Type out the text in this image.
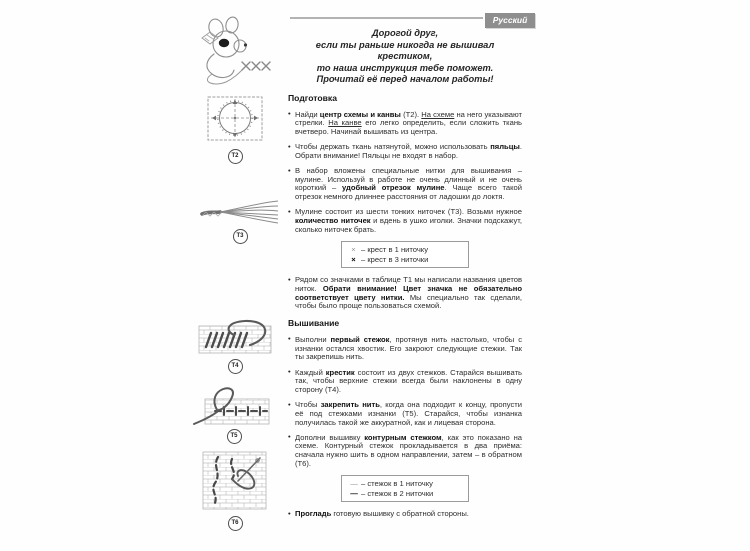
Русский
Т2
Т3
Т4
Т5
Т6
Дорогой друг,
если ты раньше никогда не вышивал крестиком,
то наша инструкция тебе поможет.
Прочитай её перед началом работы!
Подготовка
• Найди центр схемы и канвы (Т2). На схеме на него указывают стрелки. На канве его легко определить, если сложить ткань вчетверо. Начинай вышивать из центра.
• Чтобы держать ткань натянутой, можно использовать пяльцы. Обрати внимание! Пяльцы не входят в набор.
• В набор вложены специальные нитки для вышивания – мулине. Используй в работе не очень длинный и не очень короткий – удобный отрезок мулине. Чаще всего такой отрезок немного длиннее расстояния от ладошки до локтя.
• Мулине состоит из шести тонких ниточек (Т3). Возьми нужное количество ниточек и вдень в ушко иголки. Значки подскажут, сколько ниточек брать.
× – крест в 1 ниточку
× – крест в 3 ниточки
• Рядом со значками в таблице Т1 мы написали названия цветов ниток. Обрати внимание! Цвет значка не обязательно соответствует цвету нитки. Мы специально так сделали, чтобы было проще пользоваться схемой.
Вышивание
• Выполни первый стежок, протянув нить настолько, чтобы с изнанки остался хвостик. Его закроют следующие стежки. Так ты закрепишь нить.
• Каждый крестик состоит из двух стежков. Старайся вышивать так, чтобы верхние стежки всегда были наклонены в одну сторону (Т4).
• Чтобы закрепить нить, когда она подходит к концу, пропусти её под стежками изнанки (Т5). Старайся, чтобы изнанка получилась такой же аккуратной, как и лицевая сторона.
• Дополни вышивку контурным стежком, как это показано на схеме. Контурный стежок прокладывается в два приёма: сначала нужно шить в одном направлении, затем – в обратном (Т6).
— – стежок в 1 ниточку
— – стежок в 2 ниточки
• Прогладь готовую вышивку с обратной стороны.
